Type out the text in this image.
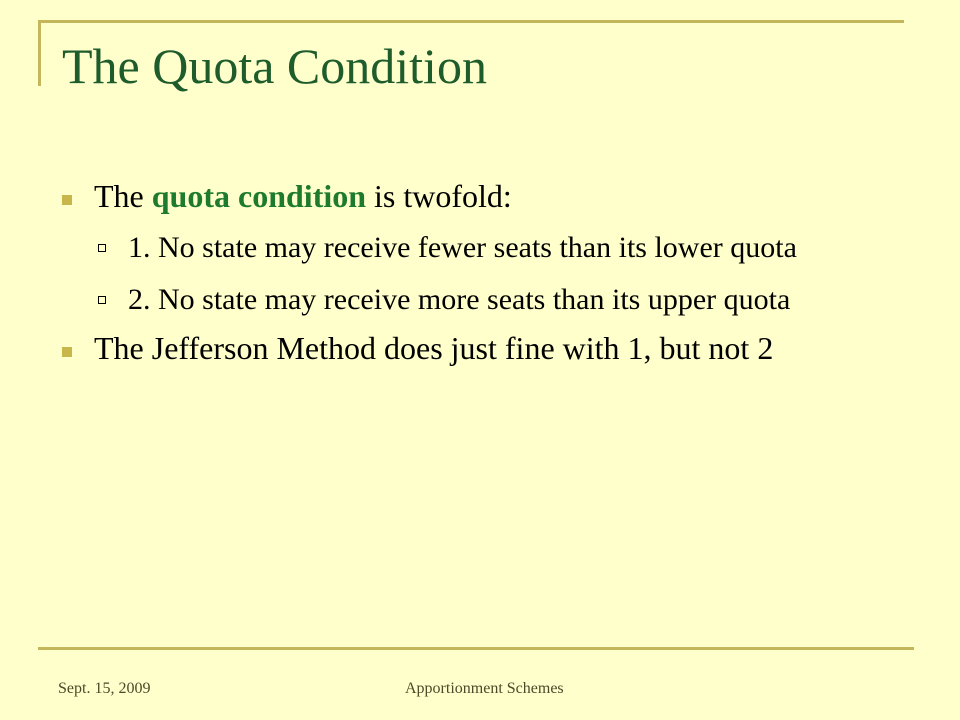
The Quota Condition

The quota condition is twofold:

1. No state may receive fewer seats than its lower quota
2. No state may receive more seats than its upper quota

The Jefferson Method does just fine with 1, but not 2

Sept. 15, 2009	Apportionment Schemes
